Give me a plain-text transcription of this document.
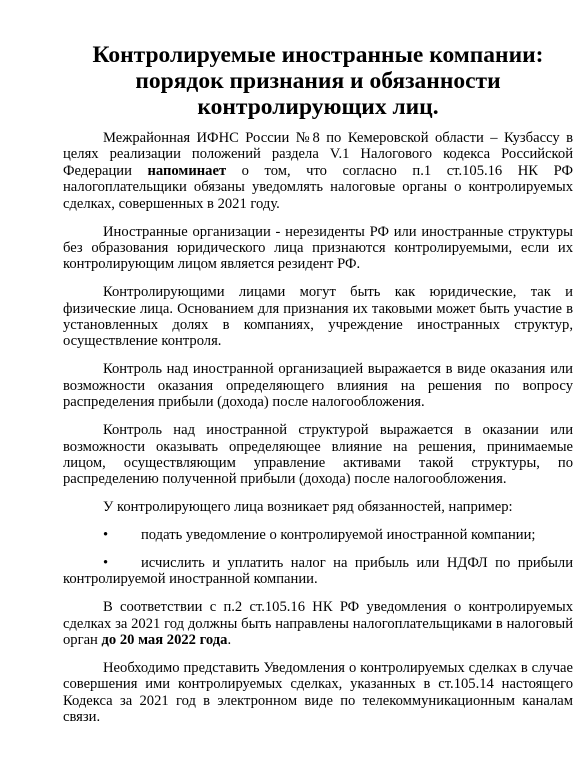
Контролируемые иностранные компании: порядок признания и обязанности контролирующих лиц.

Межрайонная ИФНС России №8 по Кемеровской области – Кузбассу в целях реализации положений раздела V.1 Налогового кодекса Российской Федерации напоминает о том, что согласно п.1 ст.105.16 НК РФ налогоплательщики обязаны уведомлять налоговые органы о контролируемых сделках, совершенных в 2021 году.

Иностранные организации - нерезиденты РФ или иностранные структуры без образования юридического лица признаются контролируемыми, если их контролирующим лицом является резидент РФ.

Контролирующими лицами могут быть как юридические, так и физические лица. Основанием для признания их таковыми может быть участие в установленных долях в компаниях, учреждение иностранных структур, осуществление контроля.

Контроль над иностранной организацией выражается в виде оказания или возможности оказания определяющего влияния на решения по вопросу распределения прибыли (дохода) после налогообложения.

Контроль над иностранной структурой выражается в оказании или возможности оказывать определяющее влияние на решения, принимаемые лицом, осуществляющим управление активами такой структуры, по распределению полученной прибыли (дохода) после налогообложения.

У контролирующего лица возникает ряд обязанностей, например:

• подать уведомление о контролируемой иностранной компании;

• исчислить и уплатить налог на прибыль или НДФЛ по прибыли контролируемой иностранной компании.

В соответствии с п.2 ст.105.16 НК РФ уведомления о контролируемых сделках за 2021 год должны быть направлены налогоплательщиками в налоговый орган до 20 мая 2022 года.

Необходимо представить Уведомления о контролируемых сделках в случае совершения ими контролируемых сделках, указанных в ст.105.14 настоящего Кодекса за 2021 год в электронном виде по телекоммуникационным каналам связи.
